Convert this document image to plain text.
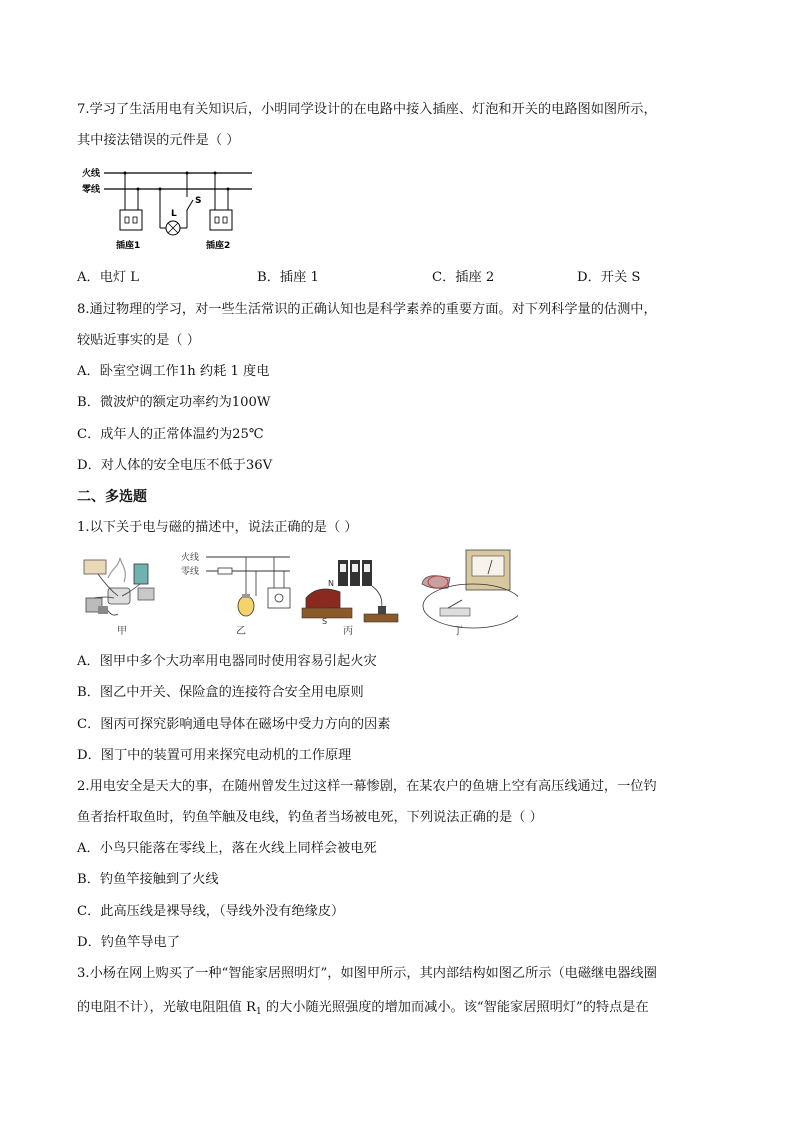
7.学习了生活用电有关知识后，小明同学设计的在电路中接入插座、灯泡和开关的电路图如图所示，
其中接法错误的元件是（ ）
火线
零线
插座1
L
S
插座2
A．电灯 L	B．插座 1	C．插座 2	D．开关 S
8.通过物理的学习，对一些生活常识的正确认知也是科学素养的重要方面。对下列科学量的估测中，
较贴近事实的是（ ）
A．卧室空调工作1h 约耗 1 度电
B．微波炉的额定功率约为100W
C．成年人的正常体温约为25℃
D．对人体的安全电压不低于36V
二、多选题
1.以下关于电与磁的描述中，说法正确的是（ ）
甲
火线
零线
乙
N
S
丙	丁
A．图甲中多个大功率用电器同时使用容易引起火灾
B．图乙中开关、保险盒的连接符合安全用电原则
C．图丙可探究影响通电导体在磁场中受力方向的因素
D．图丁中的装置可用来探究电动机的工作原理
2.用电安全是天大的事，在随州曾发生过这样一幕惨剧，在某农户的鱼塘上空有高压线通过，一位钓
鱼者抬杆取鱼时，钓鱼竿触及电线，钓鱼者当场被电死，下列说法正确的是（ ）
A．小鸟只能落在零线上，落在火线上同样会被电死
B．钓鱼竿接触到了火线
C．此高压线是裸导线，（导线外没有绝缘皮）
D．钓鱼竿导电了
3.小杨在网上购买了一种“智能家居照明灯”，如图甲所示，其内部结构如图乙所示（电磁继电器线圈
的电阻不计），光敏电阻阻值 $R_1$ 的大小随光照强度的增加而减小。该“智能家居照明灯”的特点是在
